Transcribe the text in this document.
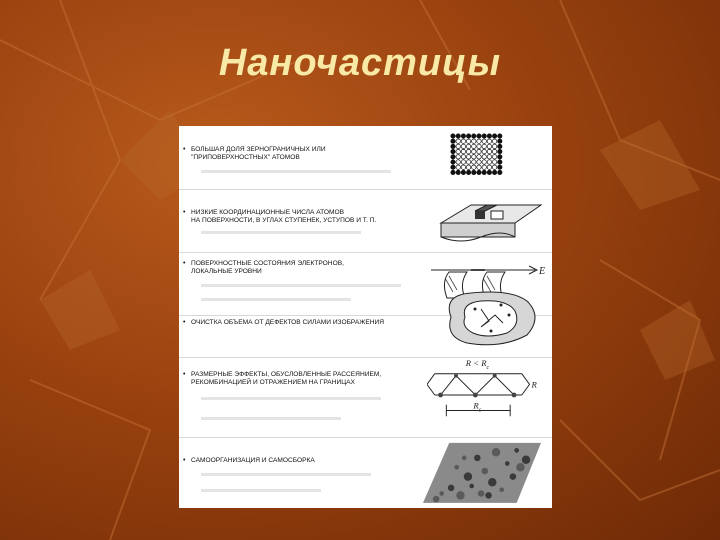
Наночастицы
• БОЛЬШАЯ ДОЛЯ ЗЕРНОГРАНИЧНЫХ ИЛИ
"ПРИПОВЕРХНОСТНЫХ" АТОМОВ
• НИЗКИЕ КООРДИНАЦИОННЫЕ ЧИСЛА АТОМОВ
НА ПОВЕРХНОСТИ, В УГЛАХ СТУПЕНЕК, УСТУПОВ И Т. П.
• ПОВЕРХНОСТНЫЕ СОСТОЯНИЯ ЭЛЕКТРОНОВ,
ЛОКАЛЬНЫЕ УРОВНИ	E
• ОЧИСТКА ОБЪЕМА ОТ ДЕФЕКТОВ СИЛАМИ ИЗОБРАЖЕНИЯ
• РАЗМЕРНЫЕ ЭФФЕКТЫ, ОБУСЛОВЛЕННЫЕ РАССЕЯНИЕМ,
РЕКОМБИНАЦИЕЙ И ОТРАЖЕНИЕМ НА ГРАНИЦАХ
$R < R_c$
R
$R_c$
• САМООРГАНИЗАЦИЯ И САМОСБОРКА
